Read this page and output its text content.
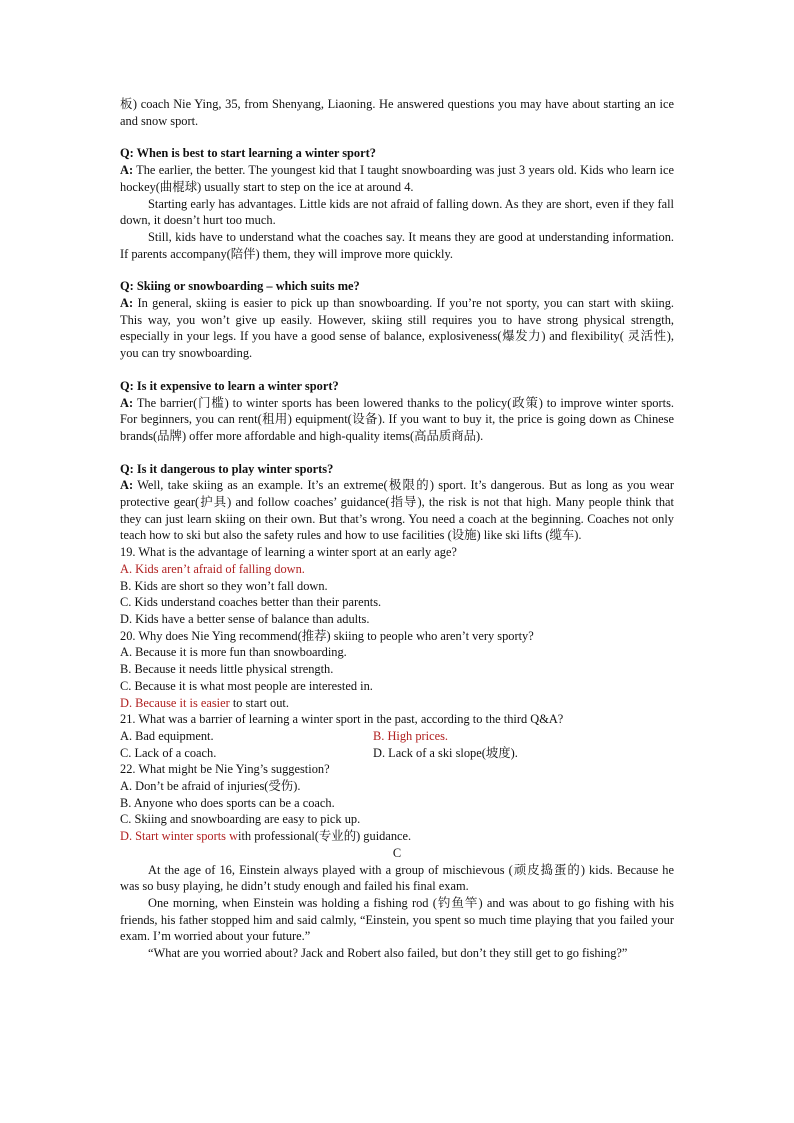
板) coach Nie Ying, 35, from Shenyang, Liaoning. He answered questions you may have about starting an ice and snow sport.

Q: When is best to start learning a winter sport?

A: The earlier, the better. The youngest kid that I taught snowboarding was just 3 years old. Kids who learn ice hockey(曲棍球) usually start to step on the ice at around 4.

Starting early has advantages. Little kids are not afraid of falling down. As they are short, even if they fall down, it doesn’t hurt too much.

Still, kids have to understand what the coaches say. It means they are good at understanding information. If parents accompany(陪伴) them, they will improve more quickly.

Q: Skiing or snowboarding – which suits me?

A: In general, skiing is easier to pick up than snowboarding. If you’re not sporty, you can start with skiing. This way, you won’t give up easily. However, skiing still requires you to have strong physical strength, especially in your legs. If you have a good sense of balance, explosiveness(爆发力) and flexibility( 灵活性), you can try snowboarding.

Q: Is it expensive to learn a winter sport?

A: The barrier(门槛) to winter sports has been lowered thanks to the policy(政策) to improve winter sports. For beginners, you can rent(租用) equipment(设备). If you want to buy it, the price is going down as Chinese brands(品牌) offer more affordable and high-quality items(高品质商品).

Q: Is it dangerous to play winter sports?

A: Well, take skiing as an example. It’s an extreme(极限的) sport. It’s dangerous. But as long as you wear protective gear(护具) and follow coaches’ guidance(指导), the risk is not that high. Many people think that they can just learn skiing on their own. But that’s wrong. You need a coach at the beginning. Coaches not only teach how to ski but also the safety rules and how to use facilities (设施) like ski lifts (缆车).

19. What is the advantage of learning a winter sport at an early age?

A. Kids aren’t afraid of falling down.

B. Kids are short so they won’t fall down.

C. Kids understand coaches better than their parents.

D. Kids have a better sense of balance than adults.

20. Why does Nie Ying recommend(推荐) skiing to people who aren’t very sporty?

A. Because it is more fun than snowboarding.

B. Because it needs little physical strength.

C. Because it is what most people are interested in.

D. Because it is easier to start out.

21. What was a barrier of learning a winter sport in the past, according to the third Q&A?

A. Bad equipment.	B. High prices.
C. Lack of a coach.	D. Lack of a ski slope(坡度).

22. What might be Nie Ying’s suggestion?

A. Don’t be afraid of injuries(受伤).

B. Anyone who does sports can be a coach.

C. Skiing and snowboarding are easy to pick up.

D. Start winter sports with professional(专业的) guidance.

C

At the age of 16, Einstein always played with a group of mischievous (顽皮捣蛋的) kids. Because he was so busy playing, he didn’t study enough and failed his final exam.

One morning, when Einstein was holding a fishing rod (钓鱼竿) and was about to go fishing with his friends, his father stopped him and said calmly, “Einstein, you spent so much time playing that you failed your exam. I’m worried about your future.”

“What are you worried about? Jack and Robert also failed, but don’t they still get to go fishing?”
